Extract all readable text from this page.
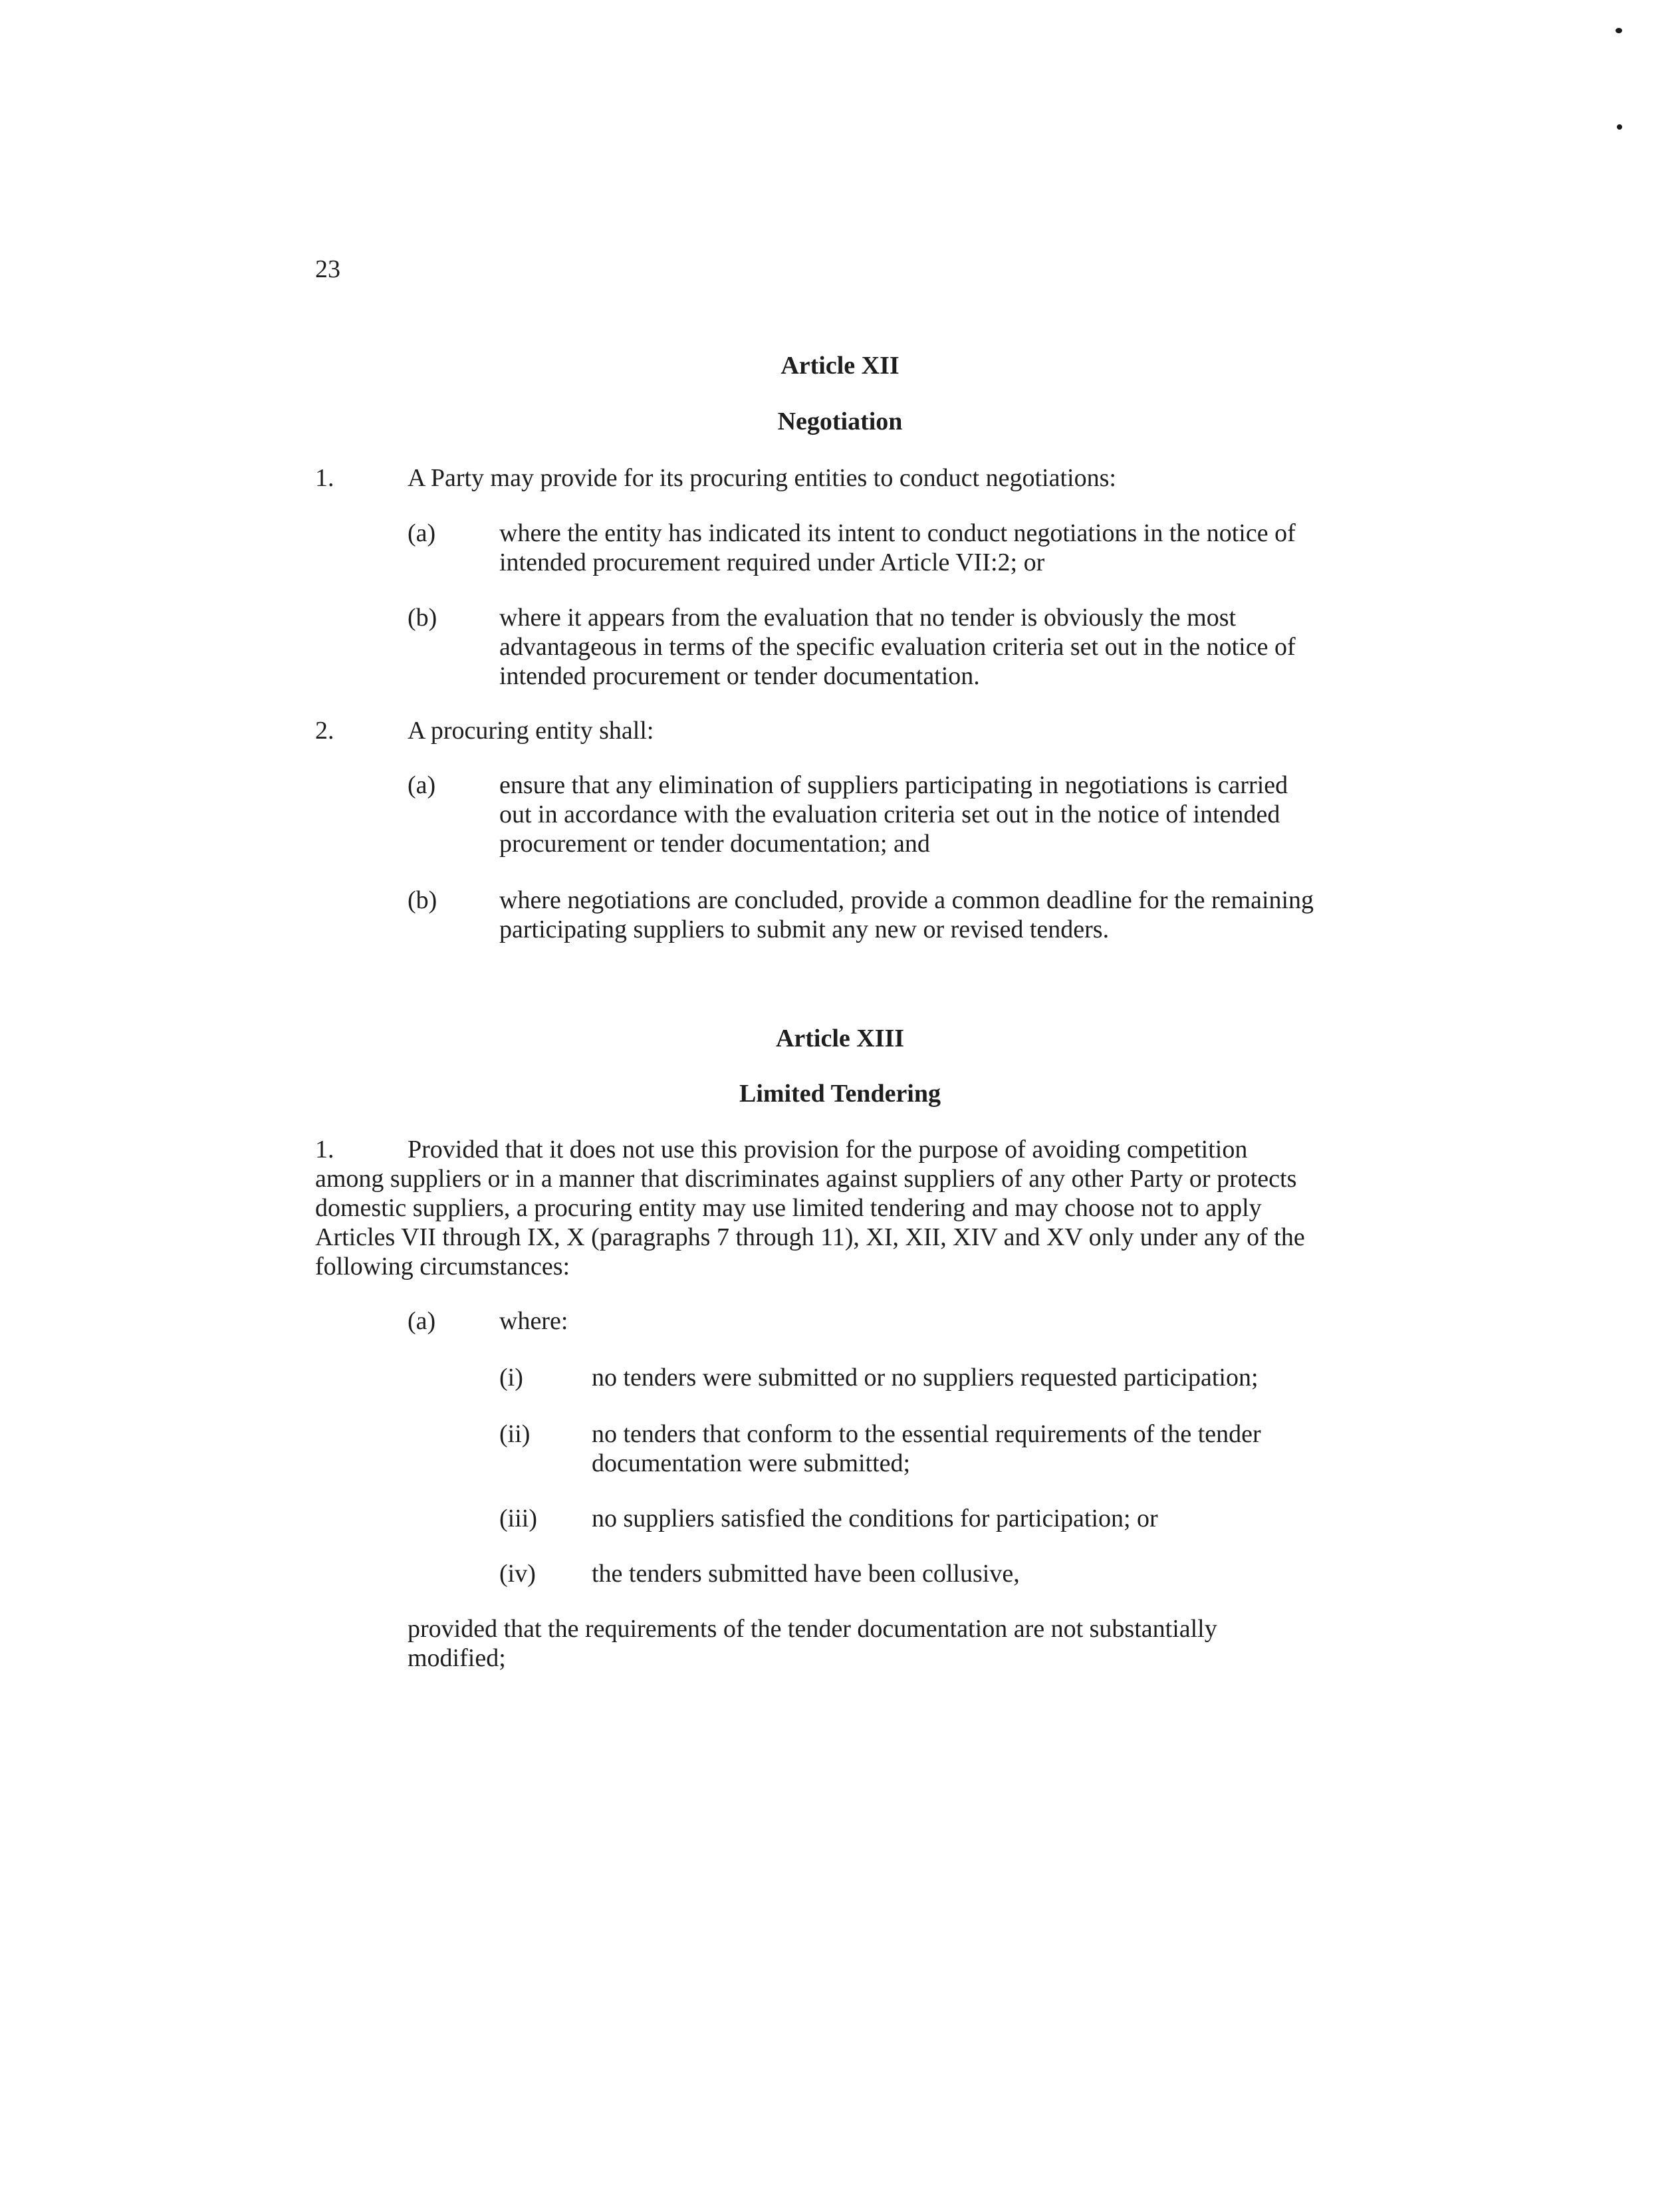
23
Article XII
Negotiation
1.	A Party may provide for its procuring entities to conduct negotiations:
(a)	where the entity has indicated its intent to conduct negotiations in the notice of
intended procurement required under Article VII:2; or
(b) where it appears from the evaluation that no tender is obviously the most
advantageous in terms of the specific evaluation criteria set out in the notice of
intended procurement or tender documentation.
2.	A procuring entity shall:
(a)	ensure that any elimination of suppliers participating in negotiations is carried
out in accordance with the evaluation criteria set out in the notice of intended
procurement or tender documentation; and
(b) where negotiations are concluded, provide a common deadline for the remaining
participating suppliers to submit any new or revised tenders.
Article XIII
Limited Tendering
1.	Provided that it does not use this provision for the purpose of avoiding competition
among suppliers or in a manner that discriminates against suppliers of any other Party or protects
domestic suppliers, a procuring entity may use limited tendering and may choose not to apply
Articles VII through IX, X (paragraphs 7 through 11), XI, XII, XIV and XV only under any of the
following circumstances:
(a)	where:
(i)	no tenders were submitted or no suppliers requested participation;
(ii) no tenders that conform to the essential requirements of the tender
documentation were submitted;
(iii) no suppliers satisfied the conditions for participation; or
(iv) the tenders submitted have been collusive,
provided that the requirements of the tender documentation are not substantially
modified;
